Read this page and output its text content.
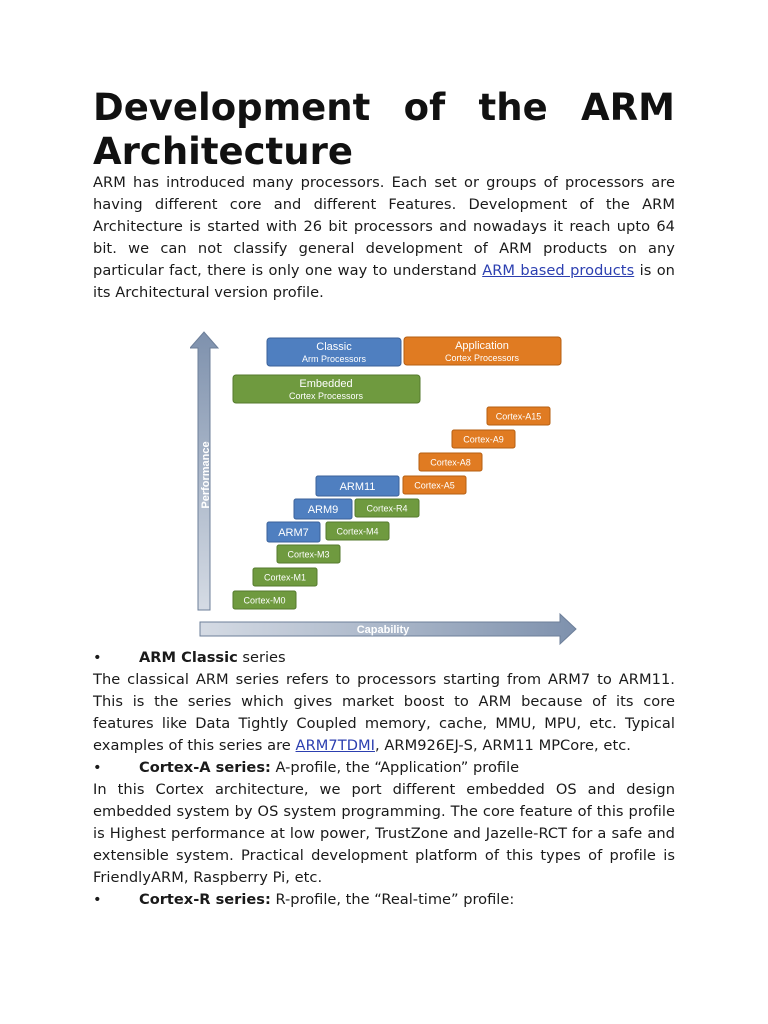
Development of the ARM Architecture

ARM has introduced many processors. Each set or groups of processors are having different core and different Features. Development of the ARM Architecture is started with 26 bit processors and nowadays it reach upto 64 bit. we can not classify general development of ARM products on any particular fact, there is only one way to understand ARM based products is on its Architectural version profile.

Performance
Capability
Classic
Arm Processors
Application
Cortex Processors
Embedded
Cortex Processors
Cortex-A15
Cortex-A9
Cortex-A8
ARM11	Cortex-A5
ARM9	Cortex-R4
ARM7	Cortex-M4
Cortex-M3
Cortex-M1
Cortex-M0

•	ARM Classic series

The classical ARM series refers to processors starting from ARM7 to ARM11. This is the series which gives market boost to ARM because of its core features like Data Tightly Coupled memory, cache, MMU, MPU, etc. Typical examples of this series are ARM7TDMI, ARM926EJ-S, ARM11 MPCore, etc.

•	Cortex-A series: A-profile, the “Application” profile

In this Cortex architecture, we port different embedded OS and design embedded system by OS system programming. The core feature of this profile is Highest performance at low power, TrustZone and Jazelle-RCT for a safe and extensible system. Practical development platform of this types of profile is FriendlyARM, Raspberry Pi, etc.

•	Cortex-R series: R-profile, the “Real-time” profile:
